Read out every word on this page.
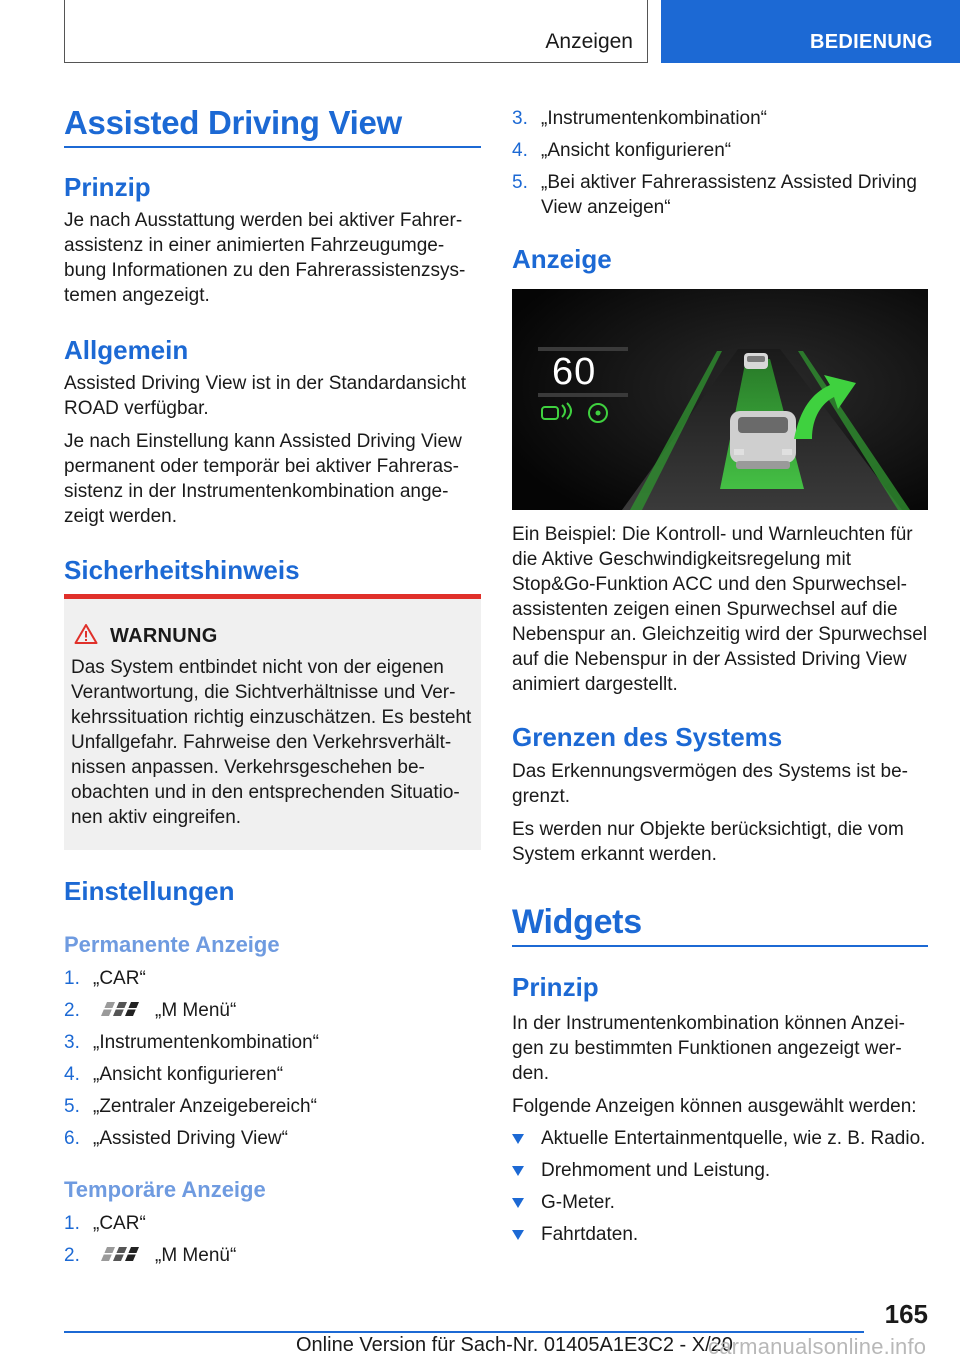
Anzeigen	BEDIENUNG
Assisted Driving View
Prinzip

Je nach Ausstattung werden bei aktiver Fahrer-assistenz in einer animierten Fahrzeugumge-bung Informationen zu den Fahrerassistenzsys-temen angezeigt.

Allgemein

Assisted Driving View ist in der Standardansicht ROAD verfügbar.

Je nach Einstellung kann Assisted Driving View permanent oder temporär bei aktiver Fahreras-sistenz in der Instrumentenkombination ange-zeigt werden.

Sicherheitshinweis
WARNUNG

Das System entbindet nicht von der eigenen Verantwortung, die Sichtverhältnisse und Ver-kehrssituation richtig einzuschätzen. Es besteht Unfallgefahr. Fahrweise den Verkehrsverhält-nissen anpassen. Verkehrsgeschehen be-obachten und in den entsprechenden Situatio-nen aktiv eingreifen.

Einstellungen
Permanente Anzeige
1. „CAR“
2.	„M Menü“
3. „Instrumentenkombination“
4. „Ansicht konfigurieren“
5. „Zentraler Anzeigebereich“
6. „Assisted Driving View“
Temporäre Anzeige
1. „CAR“
2.	„M Menü“
3. „Instrumentenkombination“
4. „Ansicht konfigurieren“
5. „Bei aktiver Fahrerassistenz Assisted Driving View anzeigen“
Anzeige
60

Ein Beispiel: Die Kontroll- und Warnleuchten für die Aktive Geschwindigkeitsregelung mit Stop&Go-Funktion ACC und den Spurwechsel-assistenten zeigen einen Spurwechsel auf die Nebenspur an. Gleichzeitig wird der Spurwechsel auf die Nebenspur in der Assisted Driving View animiert dargestellt.

Grenzen des Systems

Das Erkennungsvermögen des Systems ist be-grenzt.

Es werden nur Objekte berücksichtigt, die vom System erkannt werden.

Widgets
Prinzip

In der Instrumentenkombination können Anzei-gen zu bestimmten Funktionen angezeigt wer-den.

Folgende Anzeigen können ausgewählt werden:

Aktuelle Entertainmentquelle, wie z. B. Radio.
Drehmoment und Leistung.
G-Meter.
Fahrtdaten.
165
Online Version für Sach-Nr. 01405A1E3C2 - X/20
carmanualsonline.info
